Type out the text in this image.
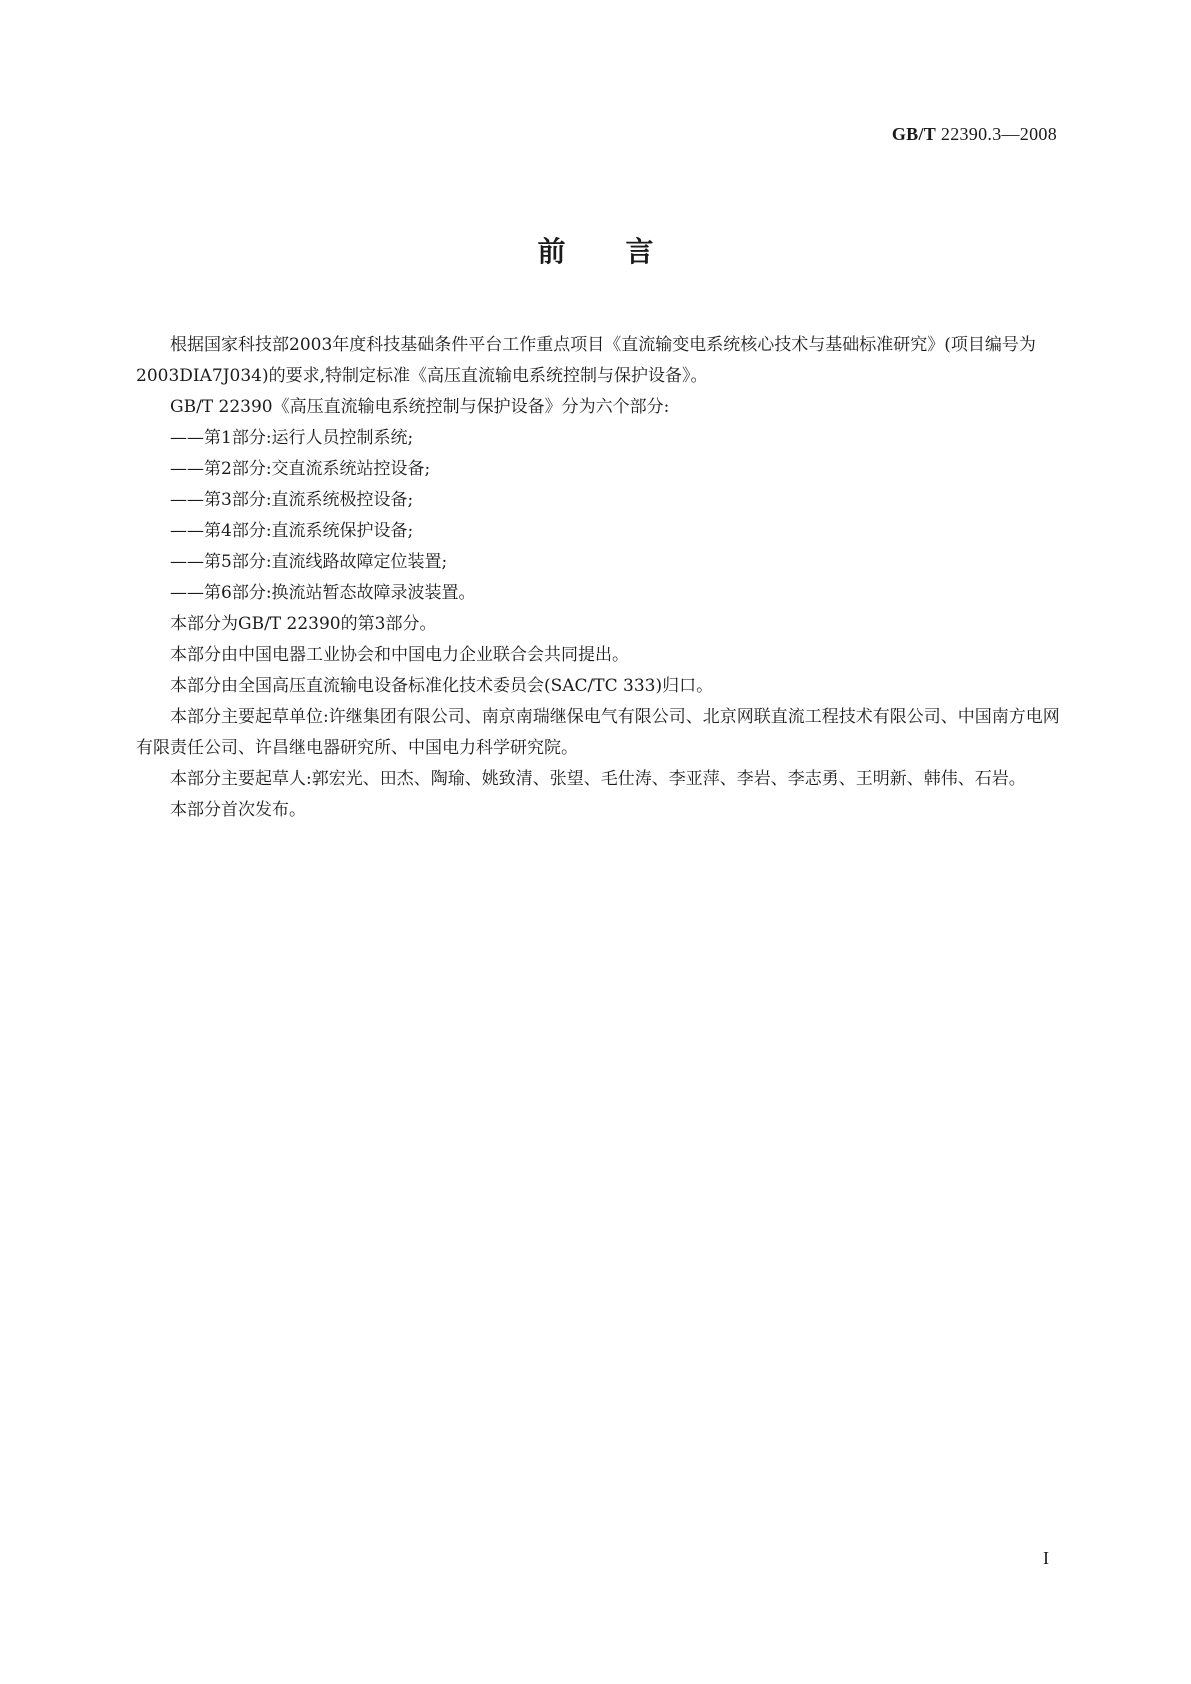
GB/T 22390.3—2008
前 言

根据国家科技部2003年度科技基础条件平台工作重点项目《直流输变电系统核心技术与基础标准研究》(项目编号为2003DIA7J034)的要求,特制定标准《高压直流输电系统控制与保护设备》。

GB/T 22390《高压直流输电系统控制与保护设备》分为六个部分:

——第1部分:运行人员控制系统;

——第2部分:交直流系统站控设备;

——第3部分:直流系统极控设备;

——第4部分:直流系统保护设备;

——第5部分:直流线路故障定位装置;

——第6部分:换流站暂态故障录波装置。

本部分为GB/T 22390的第3部分。

本部分由中国电器工业协会和中国电力企业联合会共同提出。

本部分由全国高压直流输电设备标准化技术委员会(SAC/TC 333)归口。

本部分主要起草单位:许继集团有限公司、南京南瑞继保电气有限公司、北京网联直流工程技术有限公司、中国南方电网有限责任公司、许昌继电器研究所、中国电力科学研究院。

本部分主要起草人:郭宏光、田杰、陶瑜、姚致清、张望、毛仕涛、李亚萍、李岩、李志勇、王明新、韩伟、石岩。

本部分首次发布。

I
